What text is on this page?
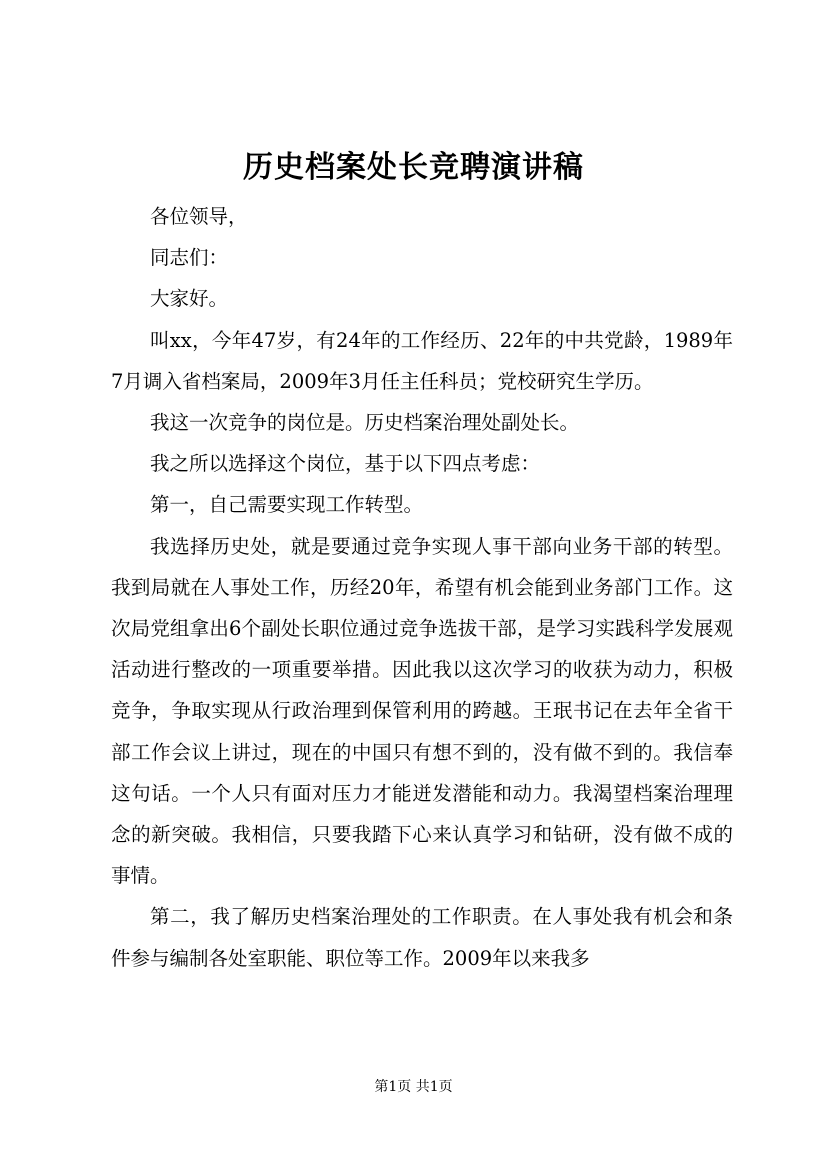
历史档案处长竞聘演讲稿

各位领导，

同志们：

大家好。

叫xx，今年47岁，有24年的工作经历、22年的中共党龄，1989年7月调入省档案局，2009年3月任主任科员；党校研究生学历。

我这一次竞争的岗位是。历史档案治理处副处长。

我之所以选择这个岗位，基于以下四点考虑：

第一，自己需要实现工作转型。

我选择历史处，就是要通过竞争实现人事干部向业务干部的转型。我到局就在人事处工作，历经20年，希望有机会能到业务部门工作。这次局党组拿出6个副处长职位通过竞争选拔干部，是学习实践科学发展观活动进行整改的一项重要举措。因此我以这次学习的收获为动力，积极竞争，争取实现从行政治理到保管利用的跨越。王珉书记在去年全省干部工作会议上讲过，现在的中国只有想不到的，没有做不到的。我信奉这句话。一个人只有面对压力才能迸发潜能和动力。我渴望档案治理理念的新突破。我相信，只要我踏下心来认真学习和钻研，没有做不成的事情。

第二，我了解历史档案治理处的工作职责。在人事处我有机会和条件参与编制各处室职能、职位等工作。2009年以来我多

第1页 共1页
